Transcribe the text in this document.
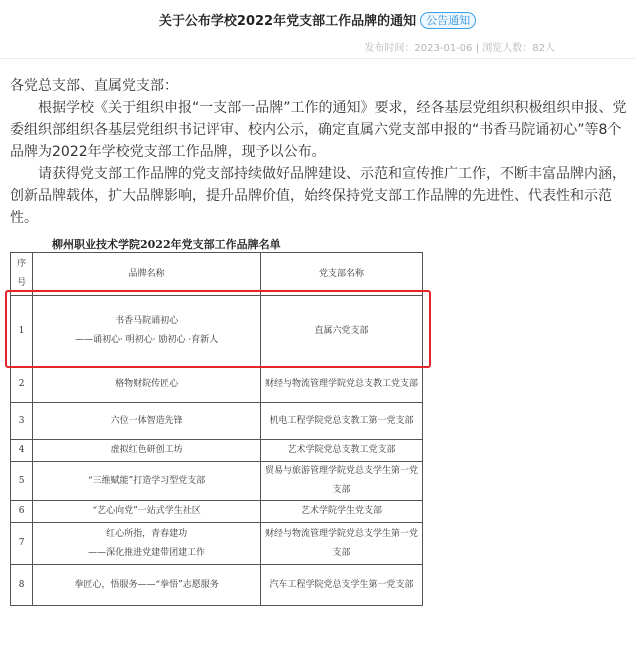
关于公布学校2022年党支部工作品牌的通知 公告通知
发布时间：2023-01-06 | 浏览人数：82人

各党总支部、直属党支部：

根据学校《关于组织申报“一支部一品牌”工作的通知》要求，经各基层党组织积极组织申报、党委组织部组织各基层党组织书记评审、校内公示，确定直属六党支部申报的“书香马院诵初心”等8个品牌为2022年学校党支部工作品牌，现予以公布。

请获得党支部工作品牌的党支部持续做好品牌建设、示范和宣传推广工作，不断丰富品牌内涵，创新品牌载体，扩大品牌影响，提升品牌价值，始终保持党支部工作品牌的先进性、代表性和示范性。

柳州职业技术学院2022年党支部工作品牌名单
序
号	品牌名称	党支部名称
1	书香马院诵初心
——诵初心· 明初心· 励初心 ·育新人	直属六党支部
2	格物财院传匠心	财经与物流管理学院党总支教工党支部
3	六位一体智造先锋	机电工程学院党总支教工第一党支部
4	虚拟红色研创工坊	艺术学院党总支教工党支部
5	“三维赋能”打造学习型党支部	贸易与旅游管理学院党总支学生第一党支部
6	“艺心向党”一站式学生社区	艺术学院学生党支部
7	红心所指，青春建功
——深化推进党建带团建工作	财经与物流管理学院党总支学生第一党支部
8	拳匠心，悟服务——“拳悟”志愿服务	汽车工程学院党总支学生第一党支部
